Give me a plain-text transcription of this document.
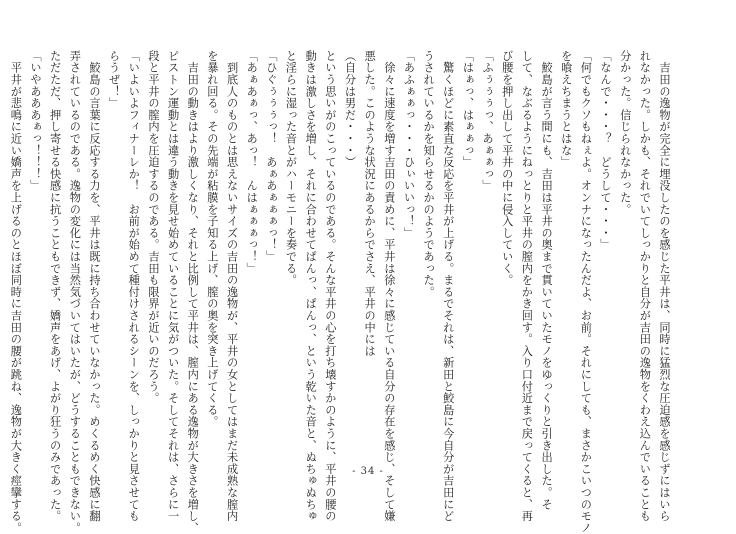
　吉田の逸物が完全に埋没したのを感じた平井は、同時に猛烈な圧迫感を感じずにはいら

れなかった。しかも、それでいてしっかりと自分が吉田の逸物をくわえ込んでいることも

分かった。信じられなかった。

「なんで・・・？　どうして・・・」

「何でもクソもねぇよ。オンナになったんだよ、お前。それにしても、まさかこいつのモノ

を喰えちまうとはな」

　鮫島が言う間にも、吉田は平井の奥まで貫いていたモノをゆっくりと引き出した。そ

して、なぶるようにねっとりと平井の膣内をかき回す。入り口付近まで戻ってくると、再

び腰を押し出して平井の中に侵入していく。

「ふぅぅぅっ、あぁぁっ」

「はぁっ、はぁぁっ」

　驚くほどに素直な反応を平井が上げる。まるでそれは、新田と鮫島に今自分が吉田にど

うされているかを知らせるかのようであった。

「あふぁぁっ・・・ひぃいいっ！」

　徐々に速度を増す吉田の責めに、平井は徐々に感じている自分の存在を感じ、そして嫌

悪した。このような状況にあるからでさえ、平井の中には

（自分は男だ・・・）

という思いがのこっているのである。そんな平井の心を打ち壊すかのように、平井の腰の

動きは激しさを増し、それに合わせてぱんっ、ぱんっ、という乾いた音と、ぬちゅぬちゅ

と淫らに湿った音とがハーモニーを奏でる。

「ひぐぅぅぅっ！　あぁあぁぁぁっ！」

「あぁあぁっ、あっ！　んはぁぁぁっ！」

　到底人のものとは思えないサイズの吉田の逸物が、平井の女としてはまだ未成熟な膣内

を暴れ回る。その先端が粘膜を子知る上げ、膣の奥を突き上げてくる。

　吉田の動きはより激しくなり、それと比例して平井は、膣内にある逸物が大きさを増し、

ピストン運動とは違う動きを見せ始めていることに気がついた。そしてそれは、さらに一

段と平井の膣内を圧迫するのである。吉田も限界が近いのだろう。

「いよいよフィナーレか！　お前が始めて種付けされるシーンを、しっかりと見させても

らうぜ！」

　鮫島の言葉に反応する力を、平井は既に持ち合わせていなかった。めくるめく快感に翻

弄されているのである。逸物の変化には当然気づいてはいたが、どうすることもできない。

ただただ、押し寄せる快感に抗うこともできず、嬌声をあげ、よがり狂うのみであった。

「いやあああぁっ！！！」

　平井が悲鳴に近い嬌声を上げるのとほぼ同時に吉田の腰が跳ね、逸物が大きく痙攣する。	- 34 -
